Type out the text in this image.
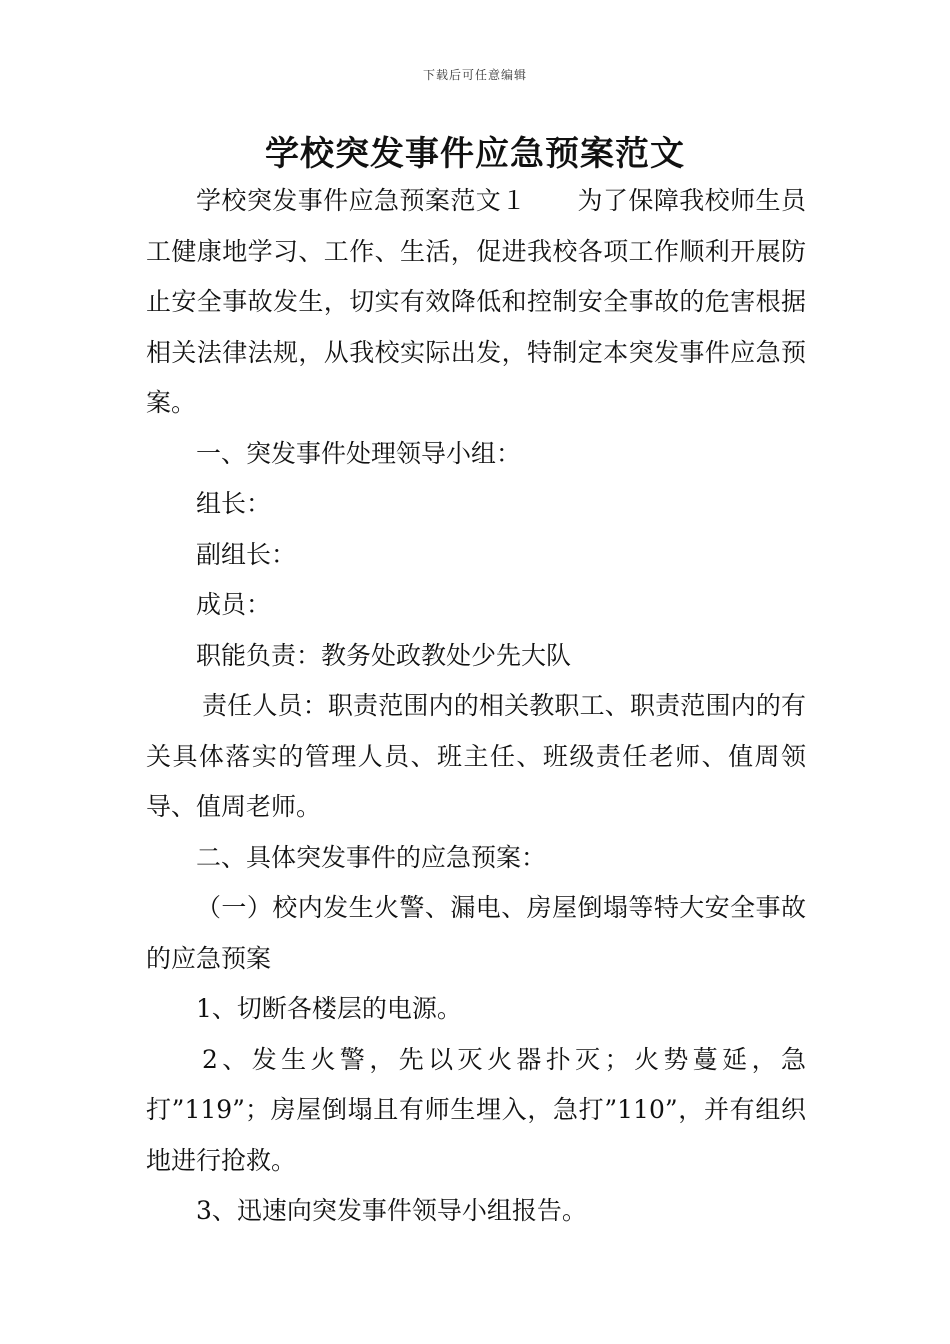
下载后可任意编辑
学校突发事件应急预案范文

学校突发事件应急预案范文１　　为了保障我校师生员工健康地学习、工作、生活，促进我校各项工作顺利开展防止安全事故发生，切实有效降低和控制安全事故的危害根据相关法律法规，从我校实际出发，特制定本突发事件应急预案。

一、突发事件处理领导小组：

组长：

副组长：

成员：

职能负责：教务处政教处少先大队

责任人员：职责范围内的相关教职工、职责范围内的有关具体落实的管理人员、班主任、班级责任老师、值周领导、值周老师。

二、具体突发事件的应急预案：

（一）校内发生火警、漏电、房屋倒塌等特大安全事故的应急预案

1、切断各楼层的电源。

2、发生火警，先以灭火器扑灭；火势蔓延，急打”119”；房屋倒塌且有师生埋入，急打”110”，并有组织地进行抢救。

3、迅速向突发事件领导小组报告。
